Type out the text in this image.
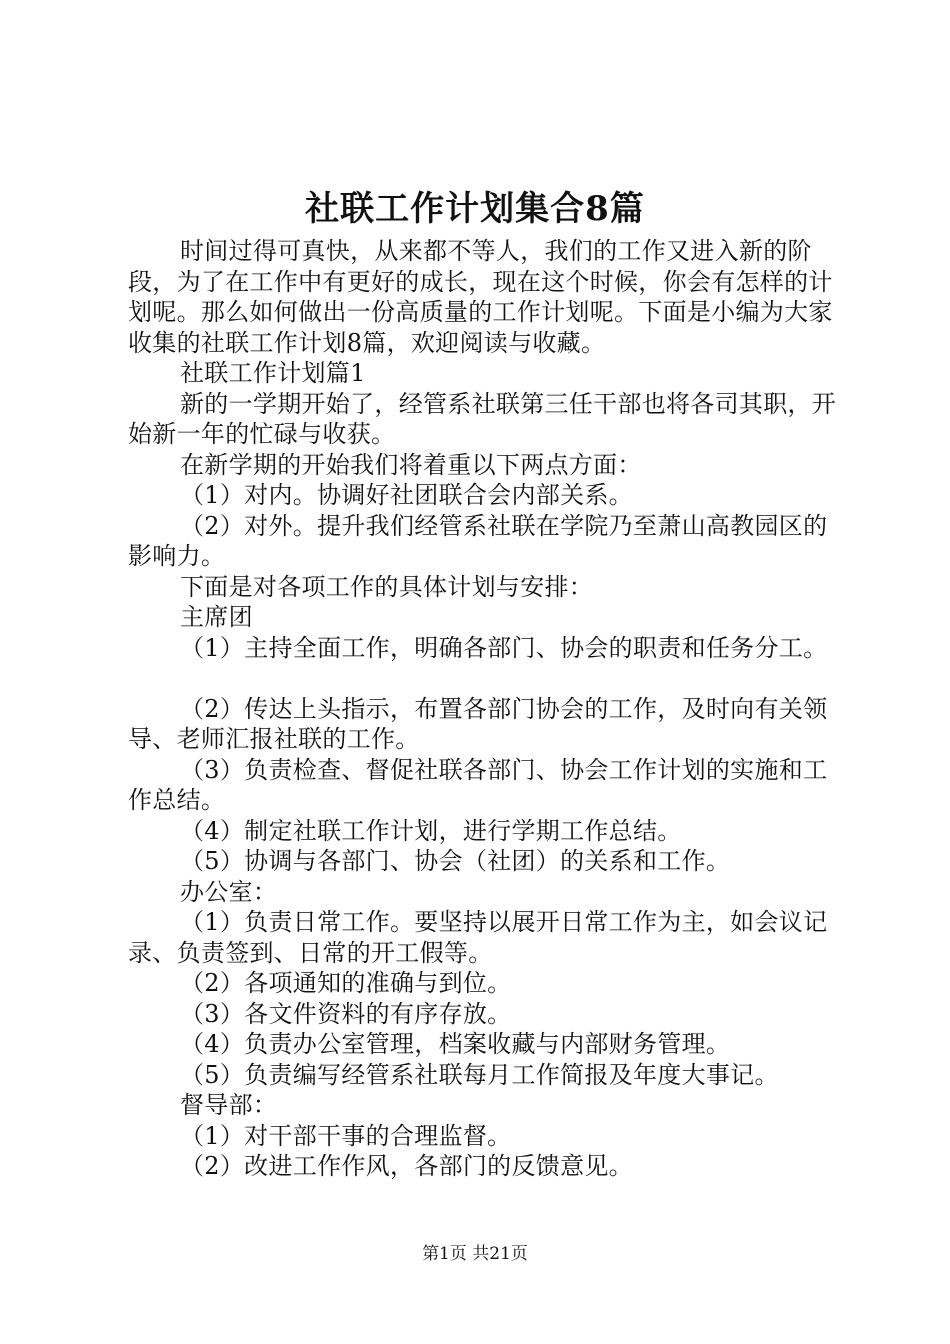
社联工作计划集合8篇

时间过得可真快，从来都不等人，我们的工作又进入新的阶段，为了在工作中有更好的成长，现在这个时候，你会有怎样的计划呢。那么如何做出一份高质量的工作计划呢。下面是小编为大家收集的社联工作计划8篇，欢迎阅读与收藏。

社联工作计划篇1

新的一学期开始了，经管系社联第三任干部也将各司其职，开始新一年的忙碌与收获。

在新学期的开始我们将着重以下两点方面：

（1）对内。协调好社团联合会内部关系。

（2）对外。提升我们经管系社联在学院乃至萧山高教园区的影响力。

下面是对各项工作的具体计划与安排：

主席团

（1）主持全面工作，明确各部门、协会的职责和任务分工。

（2）传达上头指示，布置各部门协会的工作，及时向有关领导、老师汇报社联的工作。

（3）负责检查、督促社联各部门、协会工作计划的实施和工作总结。

（4）制定社联工作计划，进行学期工作总结。

（5）协调与各部门、协会（社团）的关系和工作。

办公室：

（1）负责日常工作。要坚持以展开日常工作为主，如会议记录、负责签到、日常的开工假等。

（2）各项通知的准确与到位。

（3）各文件资料的有序存放。

（4）负责办公室管理，档案收藏与内部财务管理。

（5）负责编写经管系社联每月工作简报及年度大事记。

督导部：

（1）对干部干事的合理监督。

（2）改进工作作风，各部门的反馈意见。

第1页 共21页
